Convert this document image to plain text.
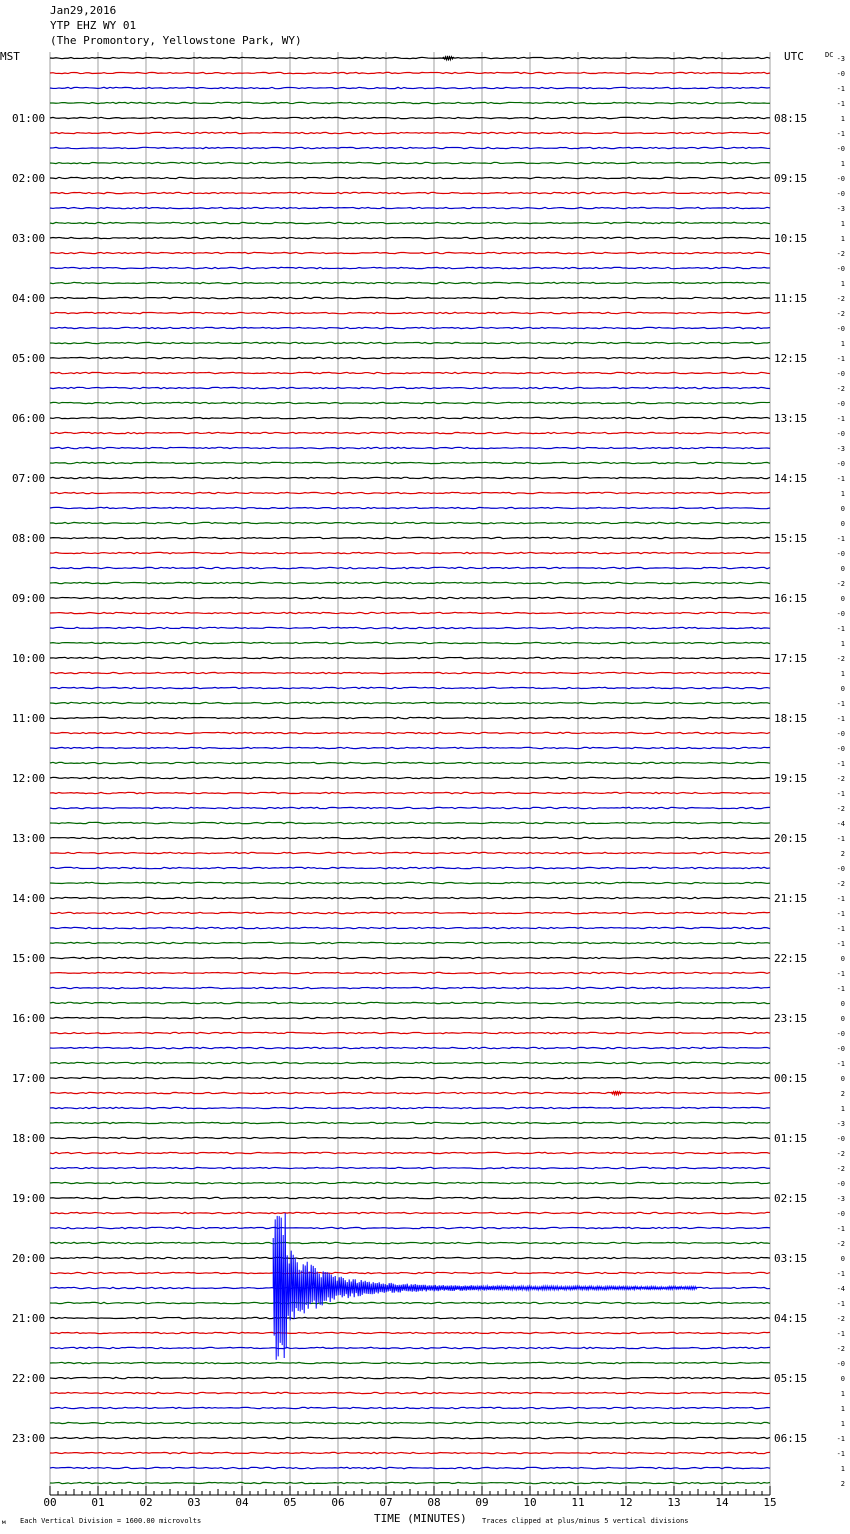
Jan29,2016
YTP EHZ WY 01
(The Promontory, Yellowstone Park, WY)
01:00
02:00
03:00
04:00
05:00
06:00
07:00
08:00
09:00
10:00
11:00
12:00
13:00
14:00
15:00
16:00
17:00
18:00
19:00
20:00
21:00
22:00
23:00
08:15
09:15
10:15
11:15
12:15
13:15
14:15
15:15
16:15
17:15
18:15
19:15
20:15
21:15
22:15
23:15
00:15
01:15
02:15
03:15
04:15
05:15
06:15
-3
-0
-1
-1
1
-1
-0
1
-0
-0
-3
1
1
-2
-0
1
-2
-2
-0
1
-1
-0
-2
-0
-1
-0
-3
-0
-1
1
0
0
-1
-0
0
-2
0
-0
-1
1
-2
1
0
-1
-1
-0
-0
-1
-2
-1
-2
-4
-1
2
-0
-2
-1
-1
-1
-1
0
-1
-1
0
0
-0
-0
-1
0
2
1
-3
-0
-2
-2
-0
-3
-0
-1
-2
0
-1
-4
-1
-2
-1
-2
-0
0
1
1
1
-1
-1
1
2
00	01	02	03	04	05	06	07	08	09	10	11	12	13	14	15
MST	UTC	DC
TIME (MINUTES)
Each Vertical Division = 1600.00 microvolts	Traces clipped at plus/minus 5 vertical divisions
м
